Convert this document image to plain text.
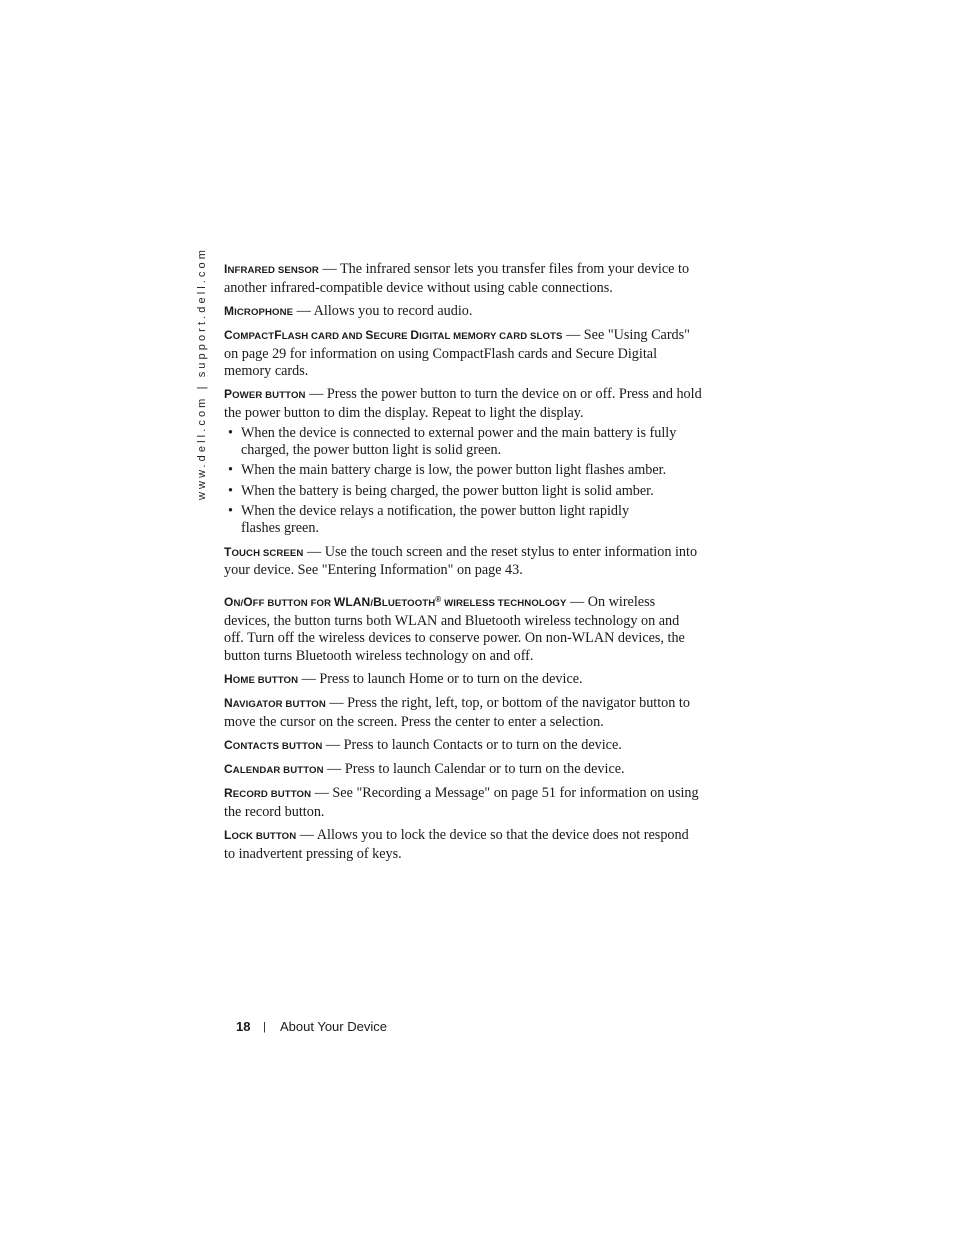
www.dell.com | support.dell.com INFRARED SENSOR — The infrared sensor lets you transfer files from your device to another infrared-compatible device without using cable connections.

MICROPHONE — Allows you to record audio.

COMPACTFLASH CARD AND SECURE DIGITAL MEMORY CARD SLOTS — See "Using Cards" on page 29 for information on using CompactFlash cards and Secure Digital memory cards.

POWER BUTTON — Press the power button to turn the device on or off. Press and hold the power button to dim the display. Repeat to light the display.

• When the device is connected to external power and the main battery is fully charged, the power button light is solid green.
• When the main battery charge is low, the power button light flashes amber.
• When the battery is being charged, the power button light is solid amber.
• When the device relays a notification, the power button light rapidly flashes green.

TOUCH SCREEN — Use the touch screen and the reset stylus to enter information into your device. See "Entering Information" on page 43.

ON/OFF BUTTON FOR WLAN/BLUETOOTH® WIRELESS TECHNOLOGY — On wireless devices, the button turns both WLAN and Bluetooth wireless technology on and off. Turn off the wireless devices to conserve power. On non-WLAN devices, the button turns Bluetooth wireless technology on and off.

HOME BUTTON — Press to launch Home or to turn on the device.

NAVIGATOR BUTTON — Press the right, left, top, or bottom of the navigator button to move the cursor on the screen. Press the center to enter a selection.

CONTACTS BUTTON — Press to launch Contacts or to turn on the device.

CALENDAR BUTTON — Press to launch Calendar or to turn on the device.

RECORD BUTTON — See "Recording a Message" on page 51 for information on using the record button.

LOCK BUTTON — Allows you to lock the device so that the device does not respond to inadvertent pressing of keys.

18 | About Your Device
